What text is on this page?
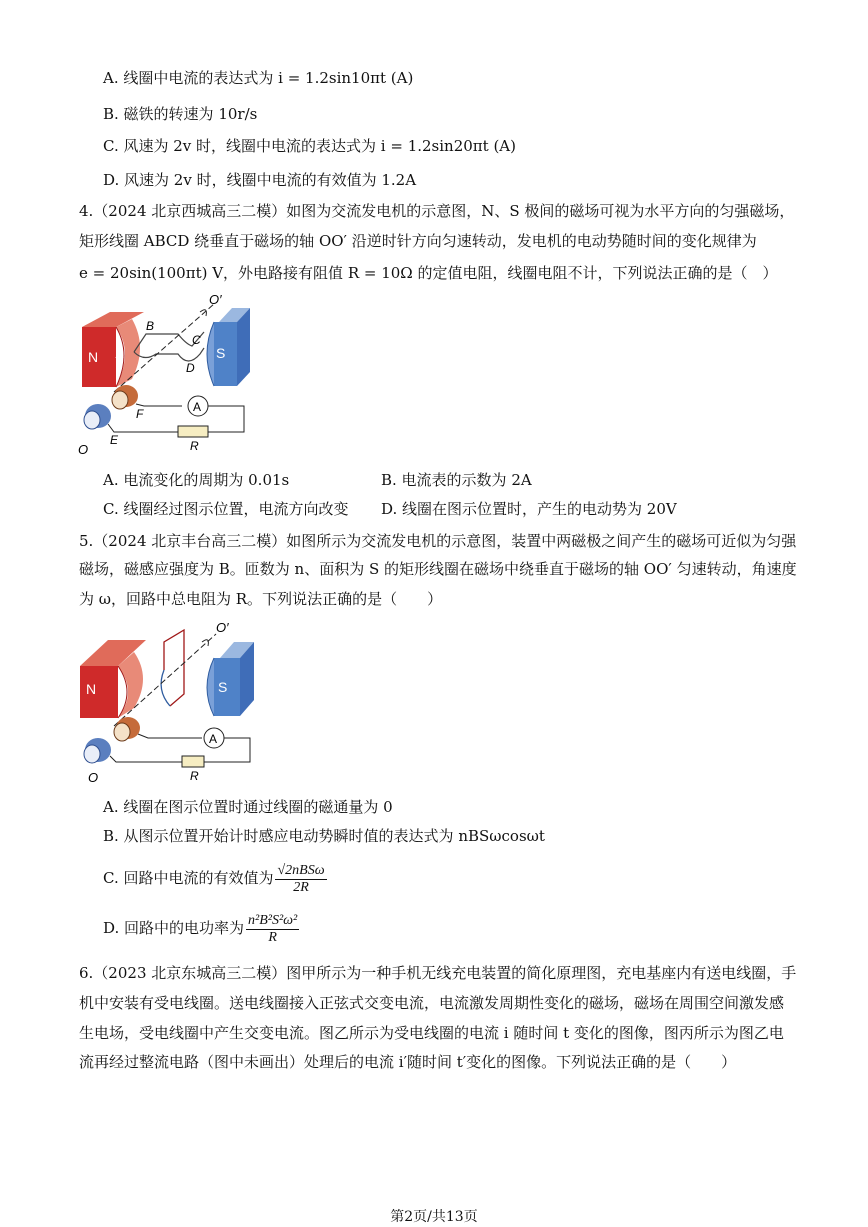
A. 线圈中电流的表达式为 i = 1.2sin10πt (A)
B. 磁铁的转速为 10r/s
C. 风速为 2v 时，线圈中电流的表达式为 i = 1.2sin20πt (A)
D. 风速为 2v 时，线圈中电流的有效值为 1.2A
4.（2024 北京西城高三二模）如图为交流发电机的示意图，N、S 极间的磁场可视为水平方向的匀强磁场，
矩形线圈 ABCD 绕垂直于磁场的轴 OO′ 沿逆时针方向匀速转动，发电机的电动势随时间的变化规律为
e = 20sin(100πt) V，外电路接有阻值 R = 10Ω 的定值电阻，线圈电阻不计，下列说法正确的是（　）
N	S
O′
A
B
C
D
A
R
F
E
O
A. 电流变化的周期为 0.01s	B. 电流表的示数为 2A
C. 线圈经过图示位置，电流方向改变 D. 线圈在图示位置时，产生的电动势为 20V
5.（2024 北京丰台高三二模）如图所示为交流发电机的示意图，装置中两磁极之间产生的磁场可近似为匀强
磁场，磁感应强度为 B。匝数为 n、面积为 S 的矩形线圈在磁场中绕垂直于磁场的轴 OO′ 匀速转动，角速度
为 ω，回路中总电阻为 R。下列说法正确的是（　　）
N	S
O′
A
R
O
A. 线圈在图示位置时通过线圈的磁通量为 0
B. 从图示位置开始计时感应电动势瞬时值的表达式为 nBSωcosωt
C. 回路中电流的有效值为 $\frac{\text{√2nBSω}}{2R}$
D. 回路中的电功率为 $\frac{\text{n²B²S²ω²}}{R}$
6.（2023 北京东城高三二模）图甲所示为一种手机无线充电装置的简化原理图，充电基座内有送电线圈，手
机中安装有受电线圈。送电线圈接入正弦式交变电流，电流激发周期性变化的磁场，磁场在周围空间激发感
生电场，受电线圈中产生交变电流。图乙所示为受电线圈的电流 i 随时间 t 变化的图像，图丙所示为图乙电
流再经过整流电路（图中未画出）处理后的电流 i′随时间 t′变化的图像。下列说法正确的是（　　）
第2页/共13页
